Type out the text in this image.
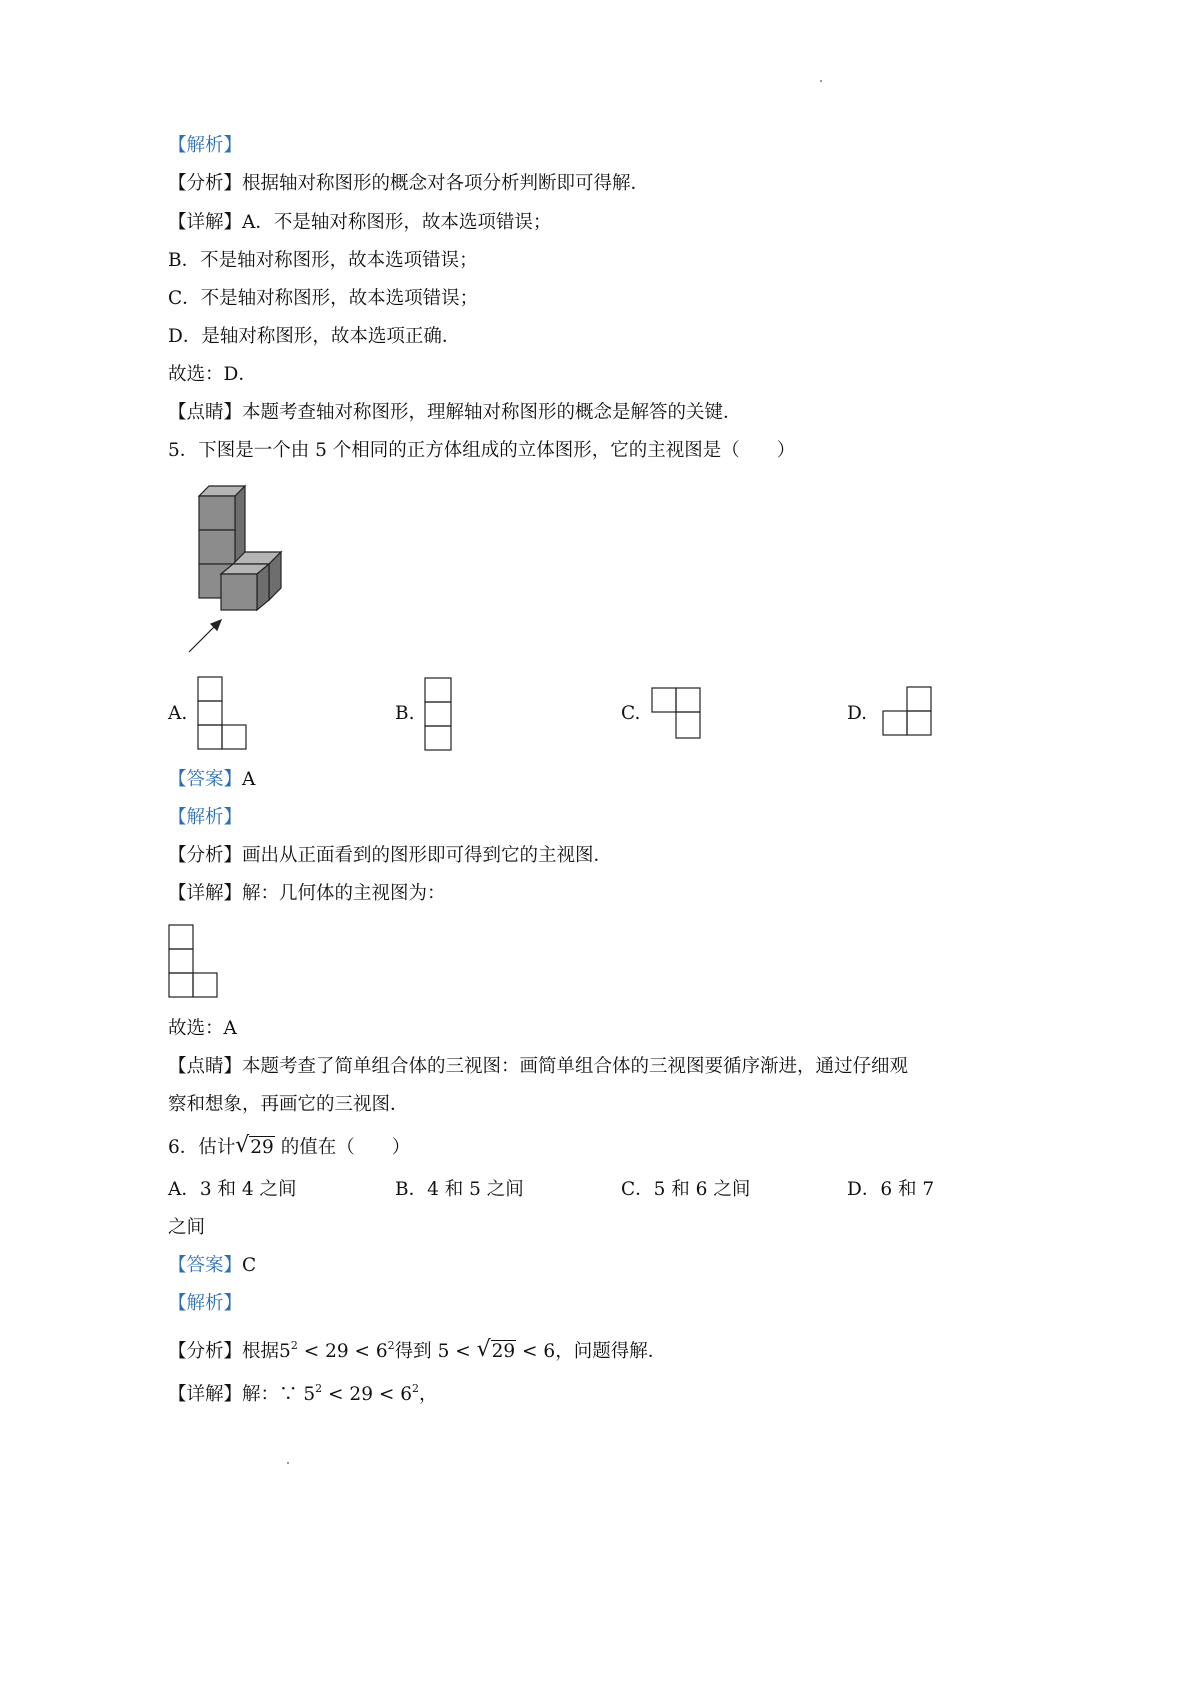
【解析】
【分析】根据轴对称图形的概念对各项分析判断即可得解．
【详解】A．不是轴对称图形，故本选项错误；
B．不是轴对称图形，故本选项错误；
C．不是轴对称图形，故本选项错误；
D．是轴对称图形，故本选项正确．
故选：D．
【点睛】本题考查轴对称图形，理解轴对称图形的概念是解答的关键．
5．下图是一个由 5 个相同的正方体组成的立体图形，它的主视图是（　　）
A.	B.	C.	D.
【答案】A
【解析】
【分析】画出从正面看到的图形即可得到它的主视图．
【详解】解：几何体的主视图为：
故选：A
【点睛】本题考查了简单组合体的三视图：画简单组合体的三视图要循序渐进，通过仔细观
察和想象，再画它的三视图．
6．估计 √ 29 的值在（　　）
A．3 和 4 之间	B．4 和 5 之间	C．5 和 6 之间	D．6 和 7
之间
【答案】C
【解析】
【分析】根据$5^2 < 29 < 6^2$得到 5 < √ 29 < 6，问题得解．
【详解】解：∵ $5^2 < 29 < 6^2$，
